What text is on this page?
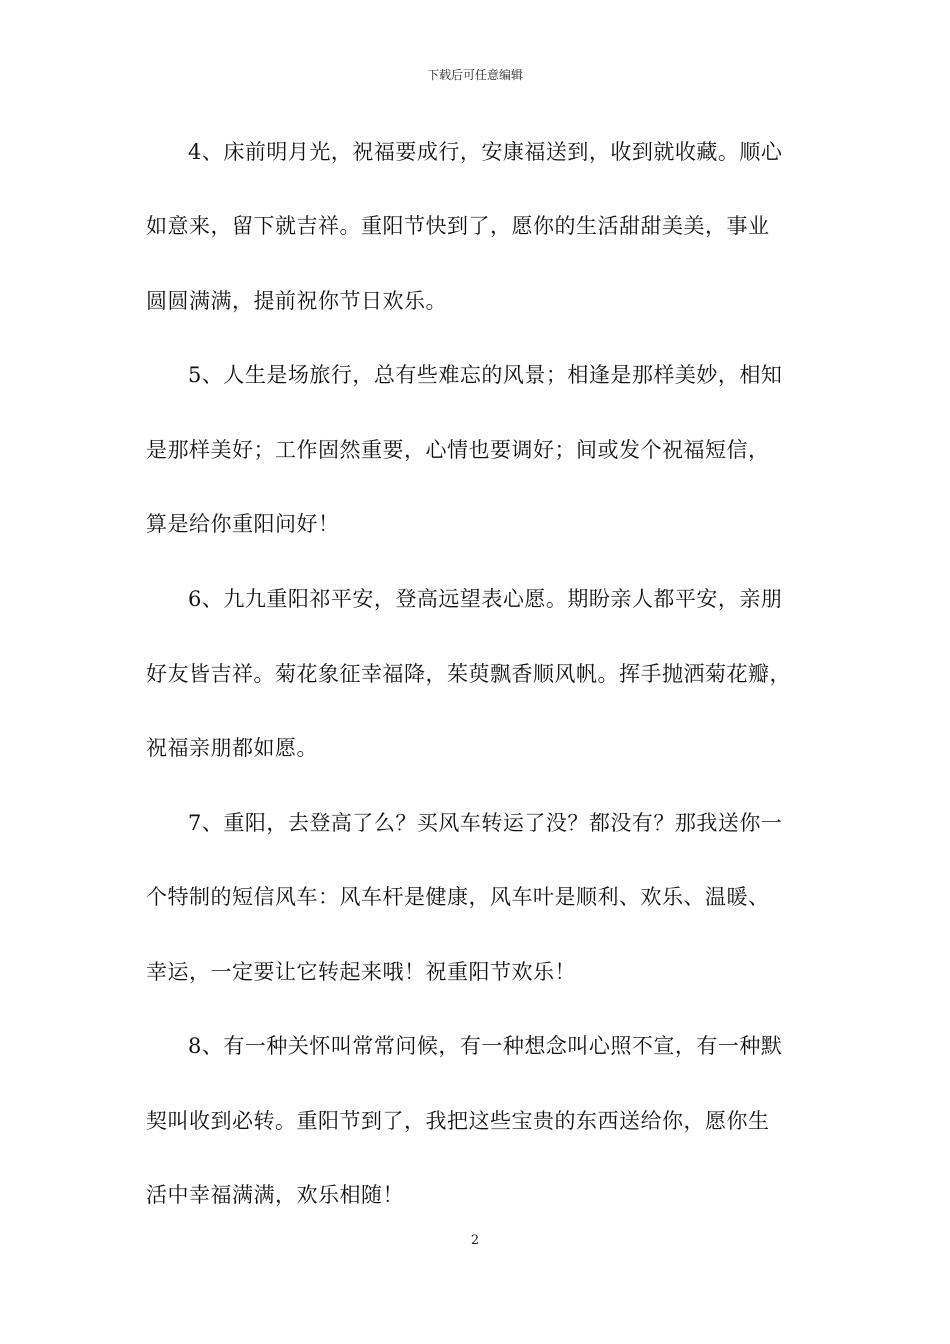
下载后可任意编辑
4、床前明月光，祝福要成行，安康福送到，收到就收藏。顺心
如意来，留下就吉祥。重阳节快到了，愿你的生活甜甜美美，事业
圆圆满满，提前祝你节日欢乐。
5、人生是场旅行，总有些难忘的风景；相逢是那样美妙，相知
是那样美好；工作固然重要，心情也要调好；间或发个祝福短信，
算是给你重阳问好！
6、九九重阳祁平安，登高远望表心愿。期盼亲人都平安，亲朋
好友皆吉祥。菊花象征幸福降，茱萸飘香顺风帆。挥手抛洒菊花瓣，
祝福亲朋都如愿。
7、重阳，去登高了么？买风车转运了没？都没有？那我送你一
个特制的短信风车：风车杆是健康，风车叶是顺利、欢乐、温暖、
幸运，一定要让它转起来哦！祝重阳节欢乐！
8、有一种关怀叫常常问候，有一种想念叫心照不宣，有一种默
契叫收到必转。重阳节到了，我把这些宝贵的东西送给你，愿你生
活中幸福满满，欢乐相随！
2
